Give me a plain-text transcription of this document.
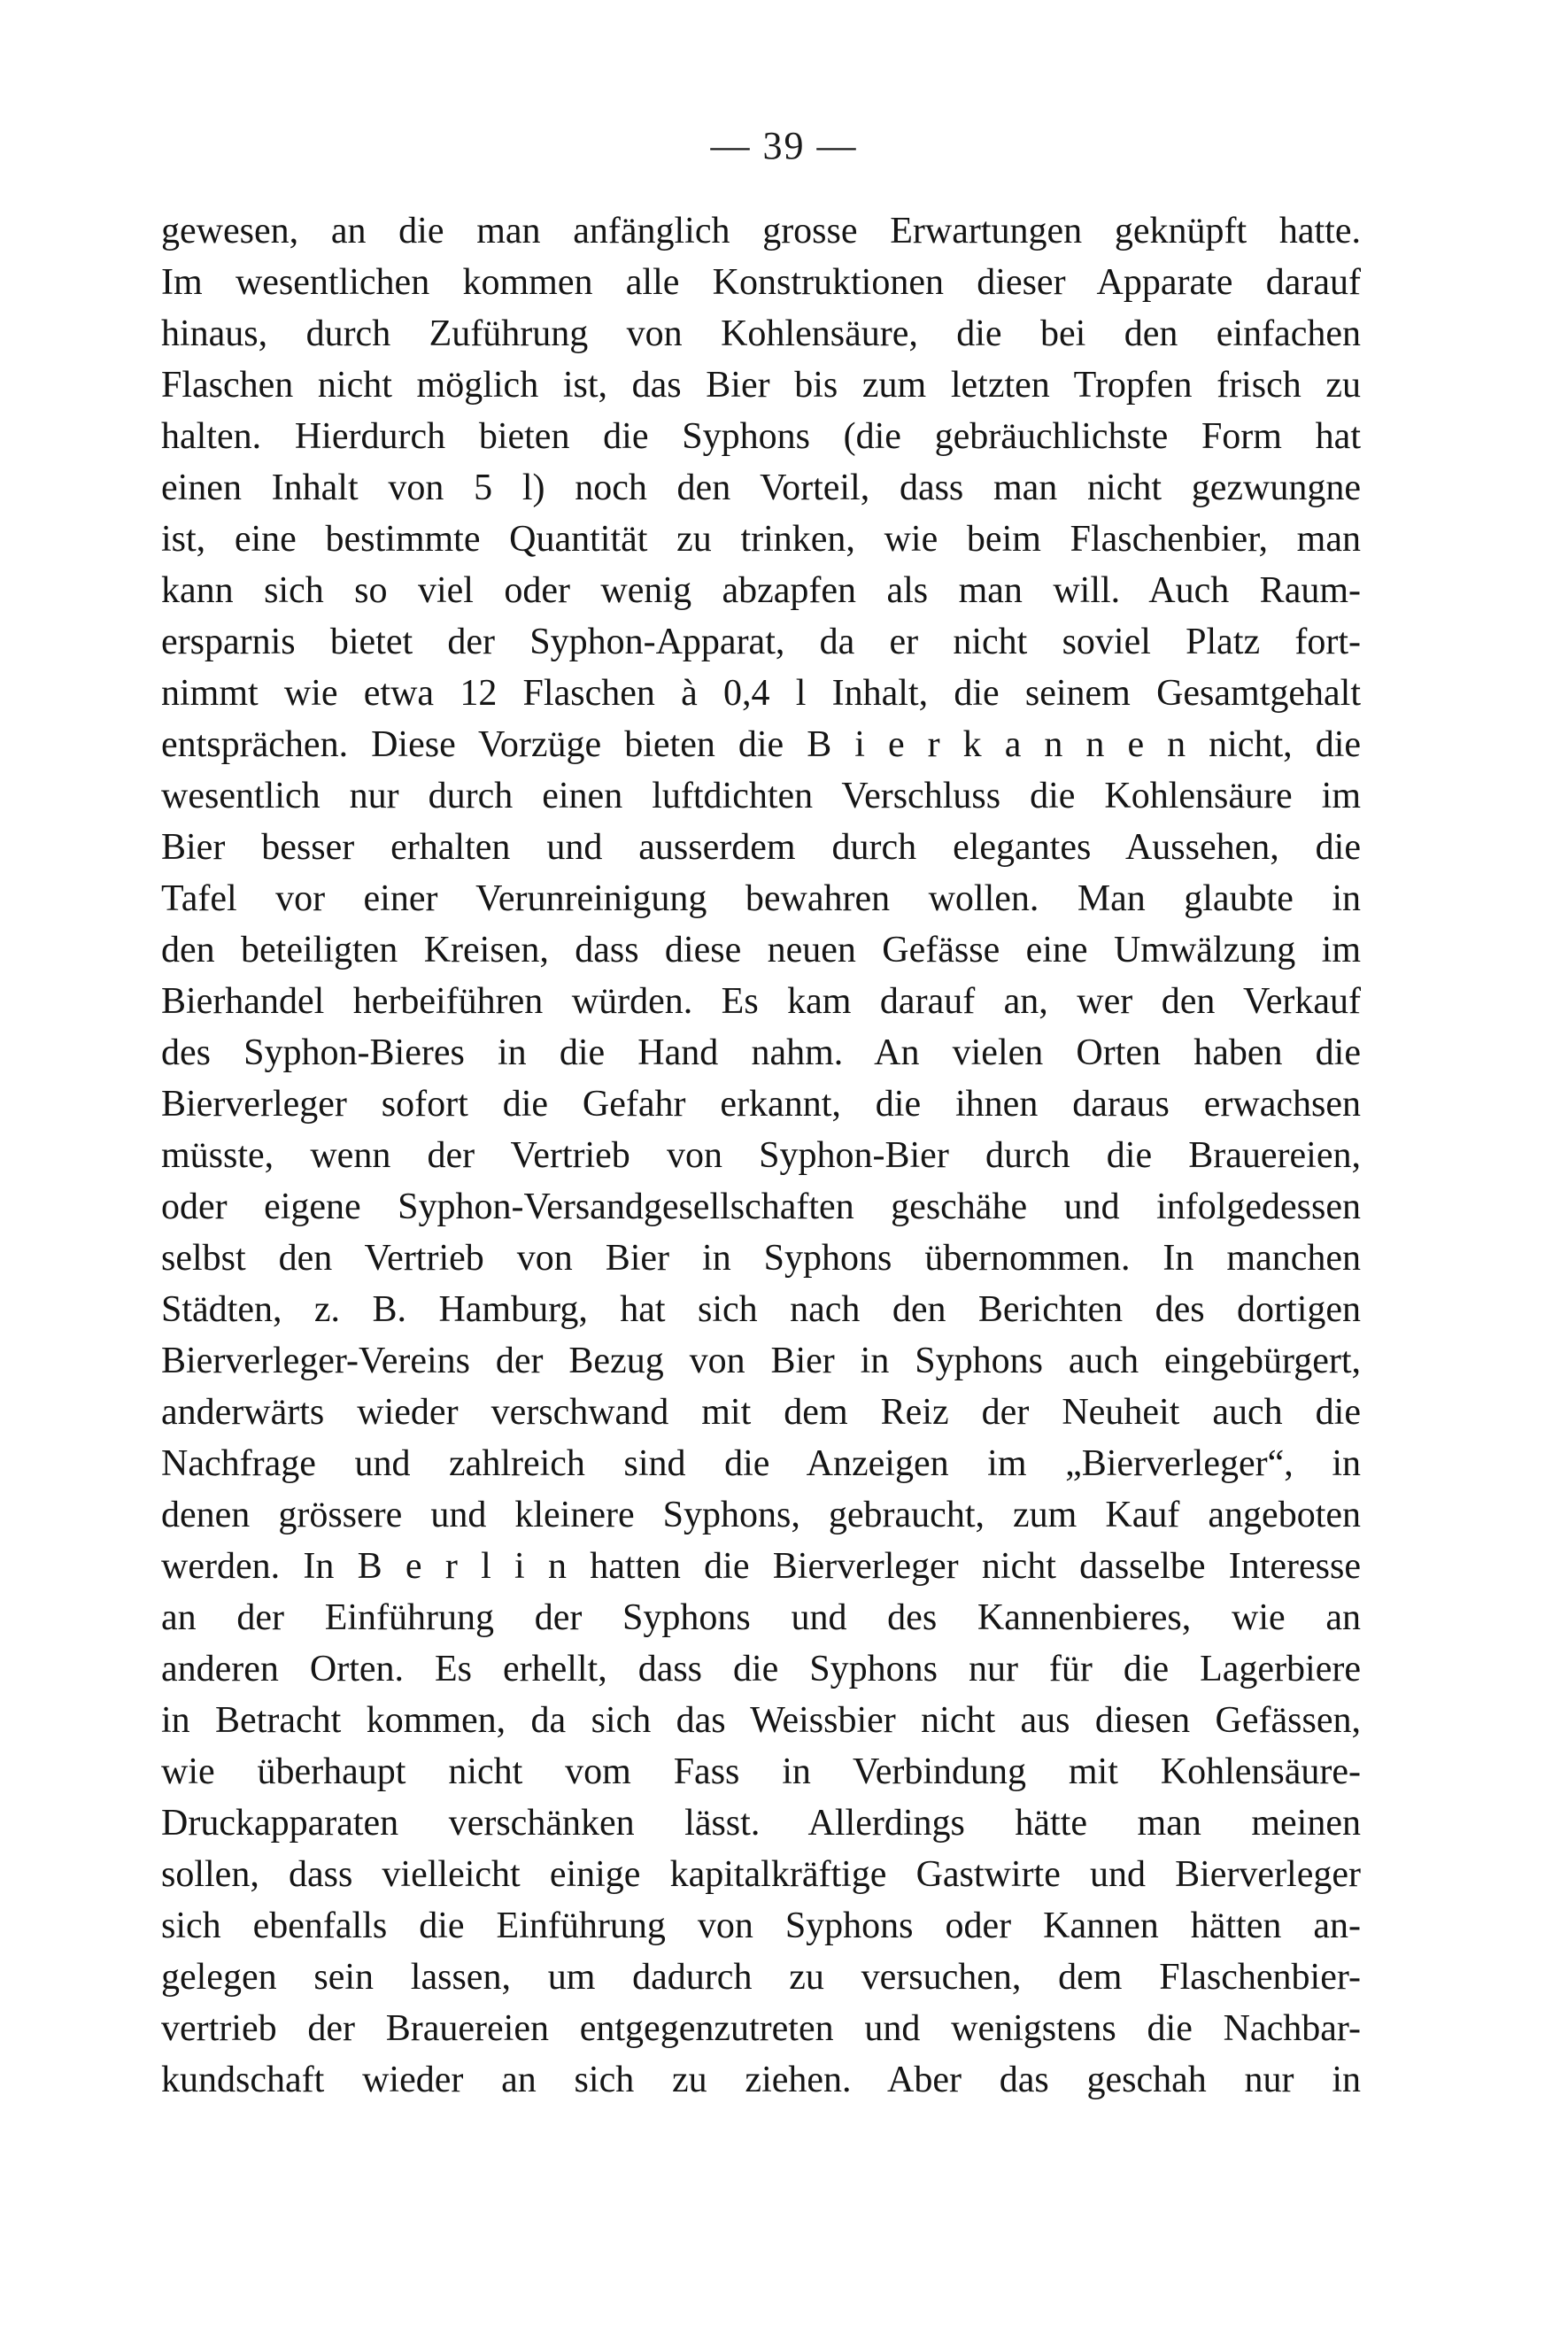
— 39 —
gewesen, an die man anfänglich grosse Erwartungen geknüpft hatte.
Im wesentlichen kommen alle Konstruktionen dieser Apparate darauf
hinaus, durch Zuführung von Kohlensäure, die bei den einfachen
Flaschen nicht möglich ist, das Bier bis zum letzten Tropfen frisch zu
halten. Hierdurch bieten die Syphons (die gebräuchlichste Form hat
einen Inhalt von 5 l) noch den Vorteil, dass man nicht gezwungne
ist, eine bestimmte Quantität zu trinken, wie beim Flaschenbier, man
kann sich so viel oder wenig abzapfen als man will. Auch Raum-
ersparnis bietet der Syphon-Apparat, da er nicht soviel Platz fort-
nimmt wie etwa 12 Flaschen à 0,4 l Inhalt, die seinem Gesamtgehalt
entsprächen. Diese Vorzüge bieten die B i e r k a n n e n nicht, die
wesentlich nur durch einen luftdichten Verschluss die Kohlensäure im
Bier besser erhalten und ausserdem durch elegantes Aussehen, die
Tafel vor einer Verunreinigung bewahren wollen. Man glaubte in
den beteiligten Kreisen, dass diese neuen Gefässe eine Umwälzung im
Bierhandel herbeiführen würden. Es kam darauf an, wer den Verkauf
des Syphon-Bieres in die Hand nahm. An vielen Orten haben die
Bierverleger sofort die Gefahr erkannt, die ihnen daraus erwachsen
müsste, wenn der Vertrieb von Syphon-Bier durch die Brauereien,
oder eigene Syphon-Versandgesellschaften geschähe und infolgedessen
selbst den Vertrieb von Bier in Syphons übernommen. In manchen
Städten, z. B. Hamburg, hat sich nach den Berichten des dortigen
Bierverleger-Vereins der Bezug von Bier in Syphons auch eingebürgert,
anderwärts wieder verschwand mit dem Reiz der Neuheit auch die
Nachfrage und zahlreich sind die Anzeigen im „Bierverleger“, in
denen grössere und kleinere Syphons, gebraucht, zum Kauf angeboten
werden. In B e r l i n hatten die Bierverleger nicht dasselbe Interesse
an der Einführung der Syphons und des Kannenbieres, wie an
anderen Orten. Es erhellt, dass die Syphons nur für die Lagerbiere
in Betracht kommen, da sich das Weissbier nicht aus diesen Gefässen,
wie überhaupt nicht vom Fass in Verbindung mit Kohlensäure-
Druckapparaten verschänken lässt. Allerdings hätte man meinen
sollen, dass vielleicht einige kapitalkräftige Gastwirte und Bierverleger
sich ebenfalls die Einführung von Syphons oder Kannen hätten an-
gelegen sein lassen, um dadurch zu versuchen, dem Flaschenbier-
vertrieb der Brauereien entgegenzutreten und wenigstens die Nachbar-
kundschaft wieder an sich zu ziehen. Aber das geschah nur in
